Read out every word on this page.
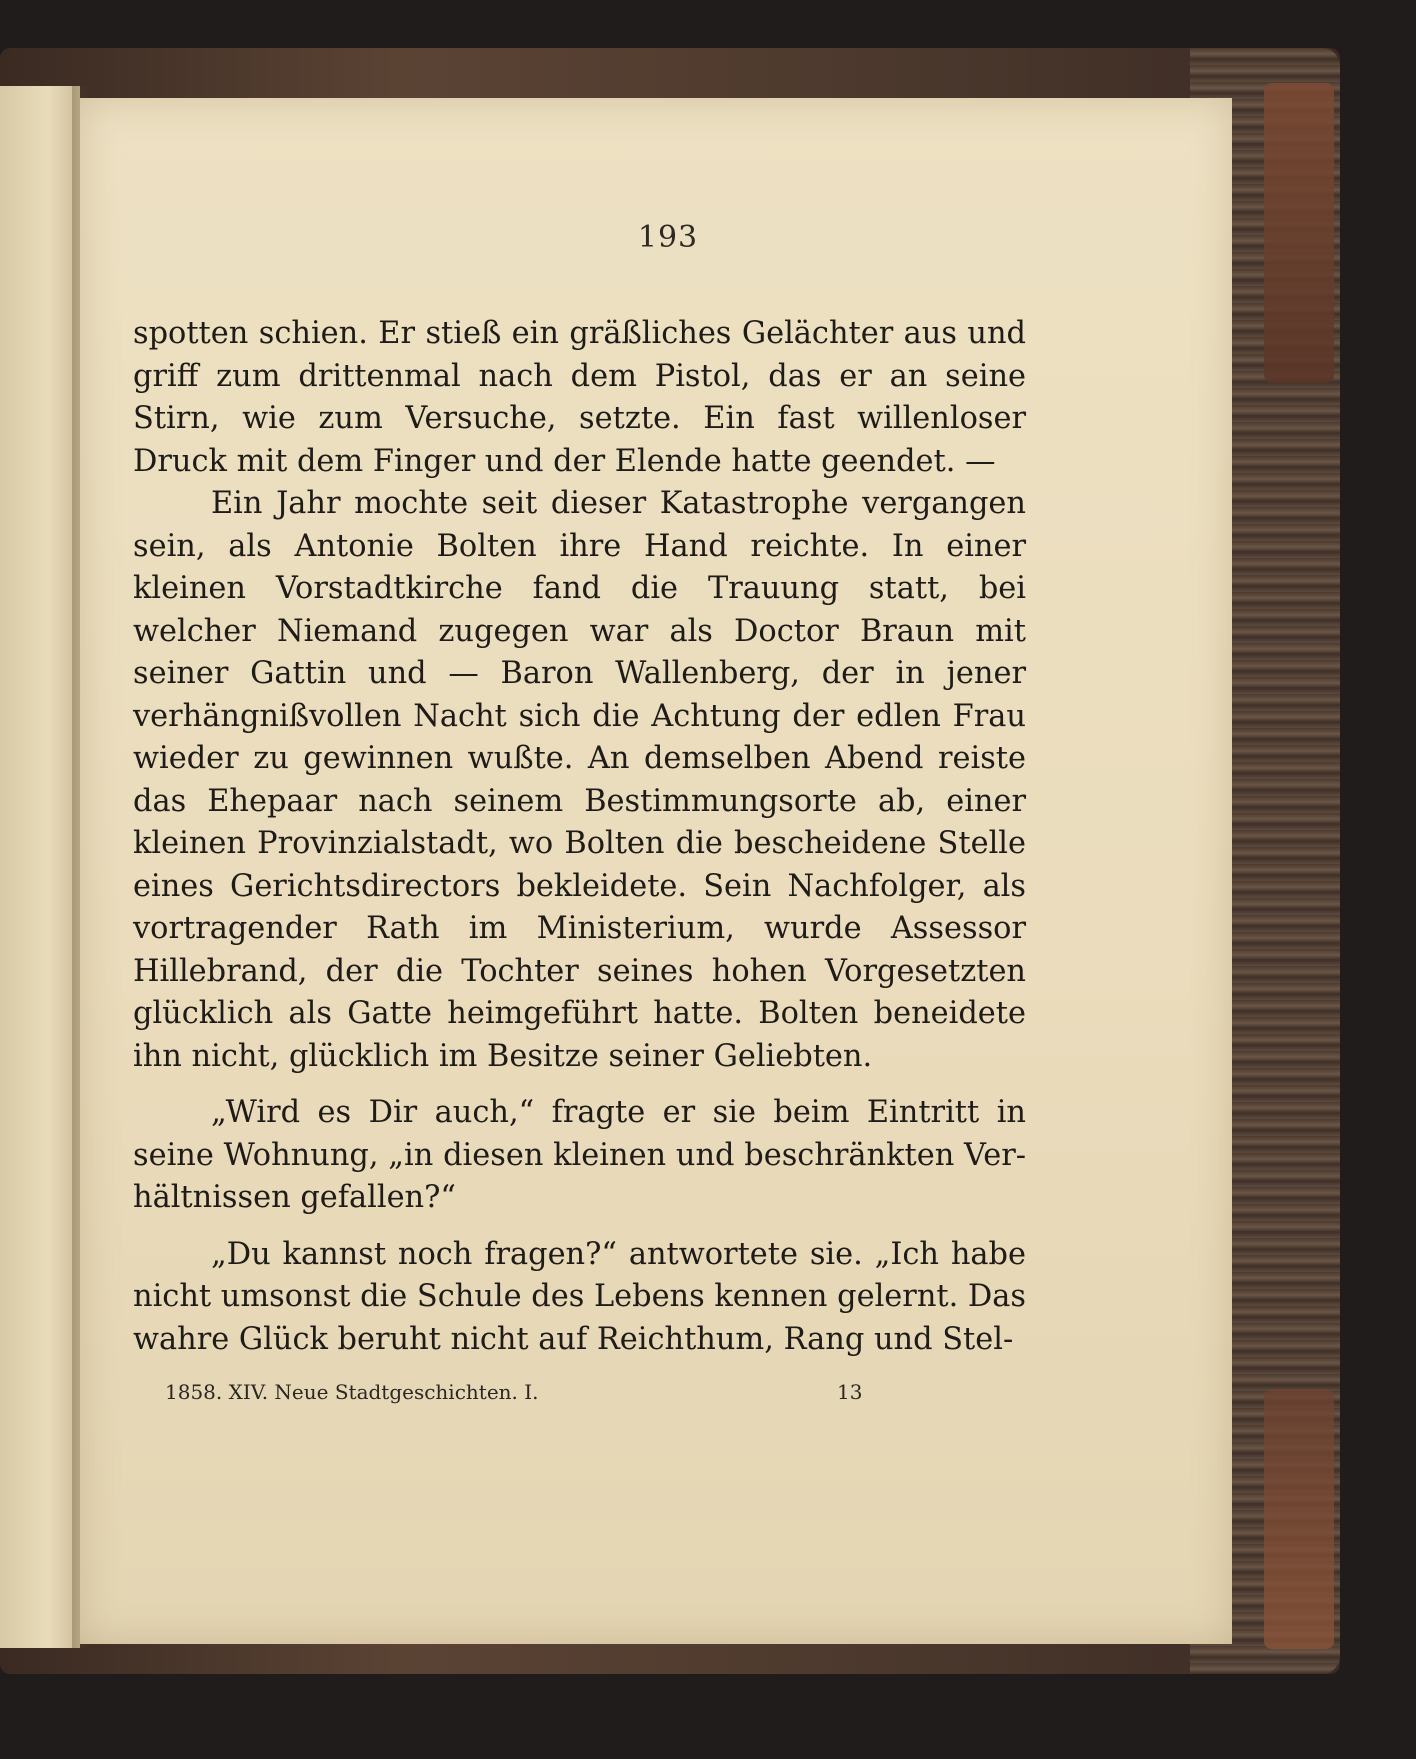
193

spotten schien. Er stieß ein gräßliches Gelächter aus und griff zum drittenmal nach dem Pistol, das er an seine Stirn, wie zum Versuche, setzte. Ein fast willenloser Druck mit dem Finger und der Elende hatte geendet. —

Ein Jahr mochte seit dieser Katastrophe vergangen sein, als Antonie Bolten ihre Hand reichte. In einer kleinen Vorstadtkirche fand die Trauung statt, bei welcher Niemand zugegen war als Doctor Braun mit seiner Gattin und — Baron Wallenberg, der in jener verhängnißvollen Nacht sich die Achtung der edlen Frau wieder zu gewinnen wußte. An demselben Abend reiste das Ehepaar nach seinem Bestimmungsorte ab, einer kleinen Provinzialstadt, wo Bolten die bescheidene Stelle eines Gerichtsdirectors bekleidete. Sein Nachfolger, als vortragender Rath im Ministerium, wurde Assessor Hillebrand, der die Tochter seines hohen Vorgesetzten glücklich als Gatte heimgeführt hatte. Bolten beneidete ihn nicht, glücklich im Besitze seiner Geliebten.

„Wird es Dir auch,“ fragte er sie beim Eintritt in seine Wohnung, „in diesen kleinen und beschränkten Ver-hältnissen gefallen?“

„Du kannst noch fragen?“ antwortete sie. „Ich habe nicht umsonst die Schule des Lebens kennen gelernt. Das wahre Glück beruht nicht auf Reichthum, Rang und Stel-

1858. XIV. Neue Stadtgeschichten. I.	13
